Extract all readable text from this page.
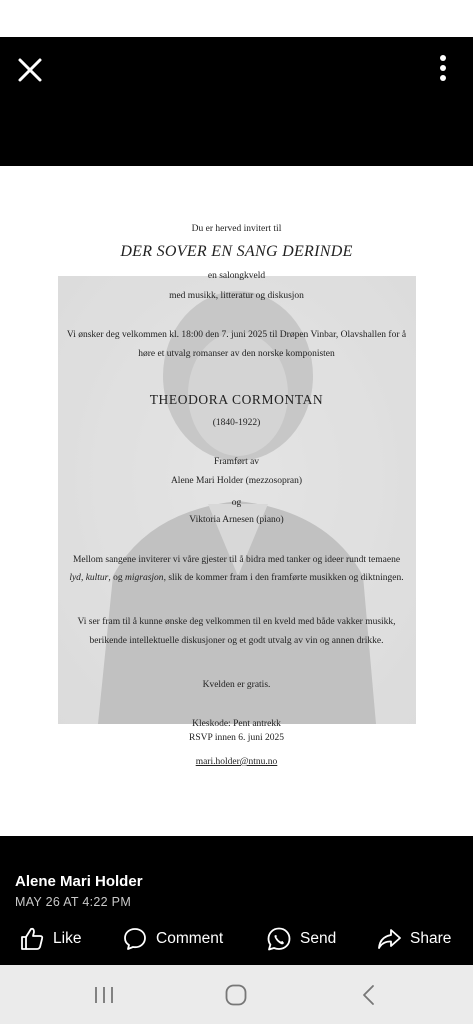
Du er herved invitert til
DER SOVER EN SANG DERINDE
en salongkveld
med musikk, litteratur og diskusjon
Vi ønsker deg velkommen kl. 18:00 den 7. juni 2025 til Drøpen Vinbar, Olavshallen for å
høre et utvalg romanser av den norske komponisten
THEODORA CORMONTAN
(1840-1922)
Framført av
Alene Mari Holder (mezzosopran)
og
Viktoria Arnesen (piano)
Mellom sangene inviterer vi våre gjester til å bidra med tanker og ideer rundt temaene
lyd, kultur, og migrasjon, slik de kommer fram i den framførte musikken og diktningen.
Vi ser fram til å kunne ønske deg velkommen til en kveld med både vakker musikk,
berikende intellektuelle diskusjoner og et godt utvalg av vin og annen drikke.
Kvelden er gratis.
Kleskode: Pent antrekk
RSVP innen 6. juni 2025
mari.holder@ntnu.no
Alene Mari Holder
MAY 26 AT 4:22 PM
Like	Comment	Send	Share
